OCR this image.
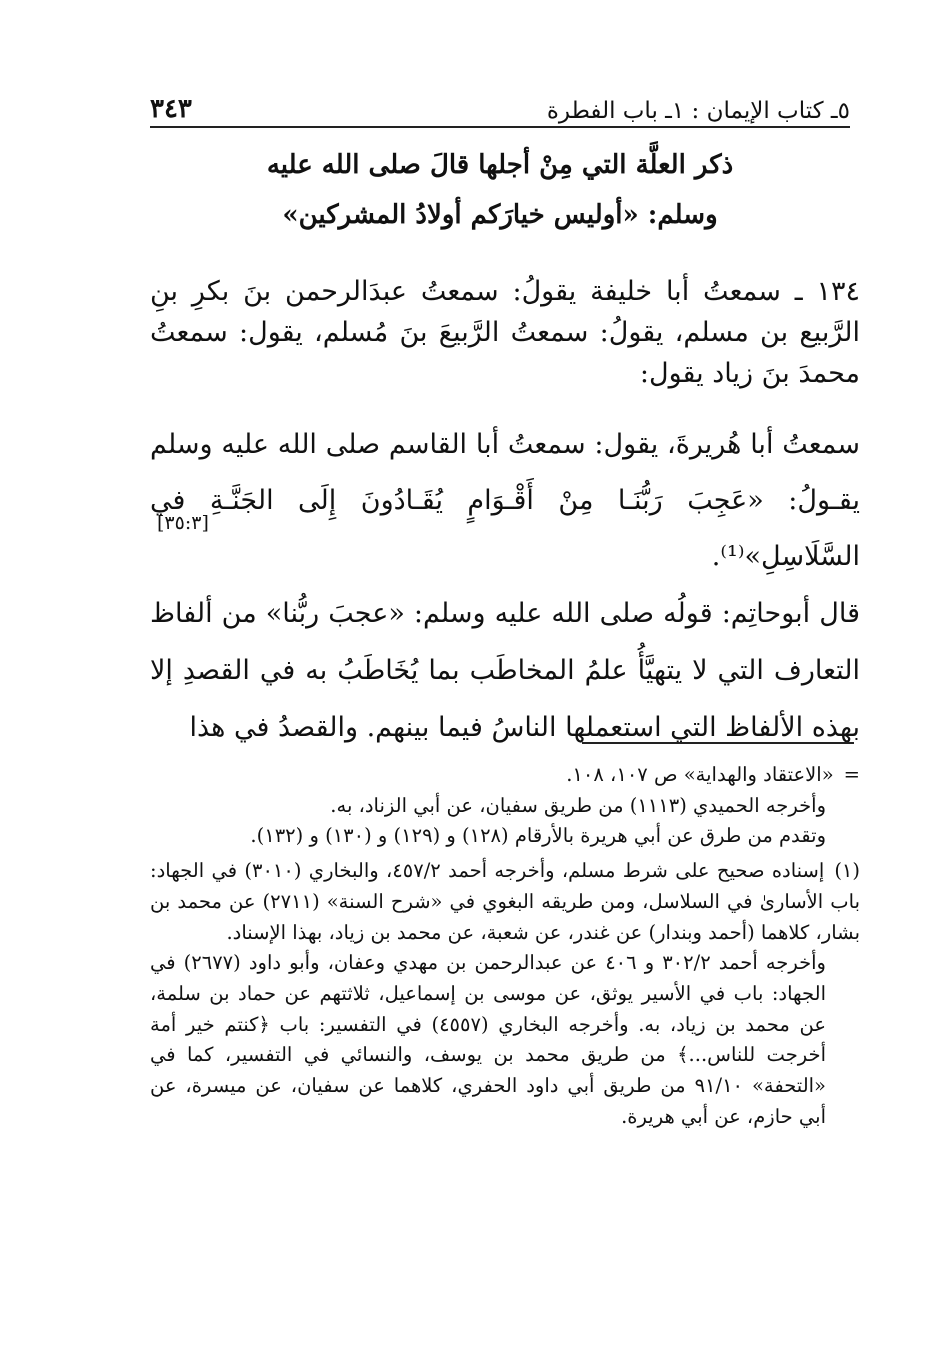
٥ـ كتاب الإيمان : ١ـ باب الفطرة
٣٤٣
ذكر العلَّة التي مِنْ أجلها قالَ صلى الله عليه
وسلم: «أوليس خيارَكم أولادُ المشركين»

١٣٤ ـ سمعتُ أبا خليفة يقولُ: سمعتُ عبدَالرحمن بنَ بكرِ بنِ الرَّبيع بن مسلم، يقولُ: سمعتُ الرَّبيعَ بنَ مُسلم، يقول: سمعتُ محمدَ بنَ زياد يقول:

سمعتُ أبا هُريرةَ، يقول: سمعتُ أبا القاسم صلى الله عليه وسلم يقـولُ: «عَجِبَ رَبُّنَـا مِنْ أَقْـوَامٍ يُقَـادُونَ إِلَى الجَنَّـةِ في السَّلَاسِلِ»⁽¹⁾.

[٣٥:٣]

قال أبوحاتِم: قولُه صلى الله عليه وسلم: «عجبَ ربُّنا» من ألفاظ التعارف التي لا يتهيَّأُ علمُ المخاطَب بما يُخَاطَبُ به في القصدِ إلا بهذه الألفاظ التي استعملها الناسُ فيما بينهم. والقصدُ في هذا

=«الاعتقاد والهداية» ص ١٠٧، ١٠٨.
وأخرجه الحميدي (١١١٣) من طريق سفيان، عن أبي الزناد، به.
وتقدم من طرق عن أبي هريرة بالأرقام (١٢٨) و (١٢٩) و (١٣٠) و (١٣٢).
(١)إسناده صحيح على شرط مسلم، وأخرجه أحمد ٤٥٧/٢، والبخاري (٣٠١٠) في الجهاد: باب الأسارىٰ في السلاسل، ومن طريقه البغوي في «شرح السنة» (٢٧١١) عن محمد بن بشار، كلاهما (أحمد وبندار) عن غندر، عن شعبة، عن محمد بن زياد، بهذا الإسناد.
وأخرجه أحمد ٣٠٢/٢ و ٤٠٦ عن عبدالرحمن بن مهدي وعفان، وأبو داود (٢٦٧٧) في الجهاد: باب في الأسير يوثق، عن موسى بن إسماعيل، ثلاثتهم عن حماد بن سلمة، عن محمد بن زياد، به. وأخرجه البخاري (٤٥٥٧) في التفسير: باب ﴿كنتم خير أمة أخرجت للناس...﴾ من طريق محمد بن يوسف، والنسائي في التفسير، كما في «التحفة» ٩١/١٠ من طريق أبي داود الحفري، كلاهما عن سفيان، عن ميسرة، عن أبي حازم، عن أبي هريرة.
